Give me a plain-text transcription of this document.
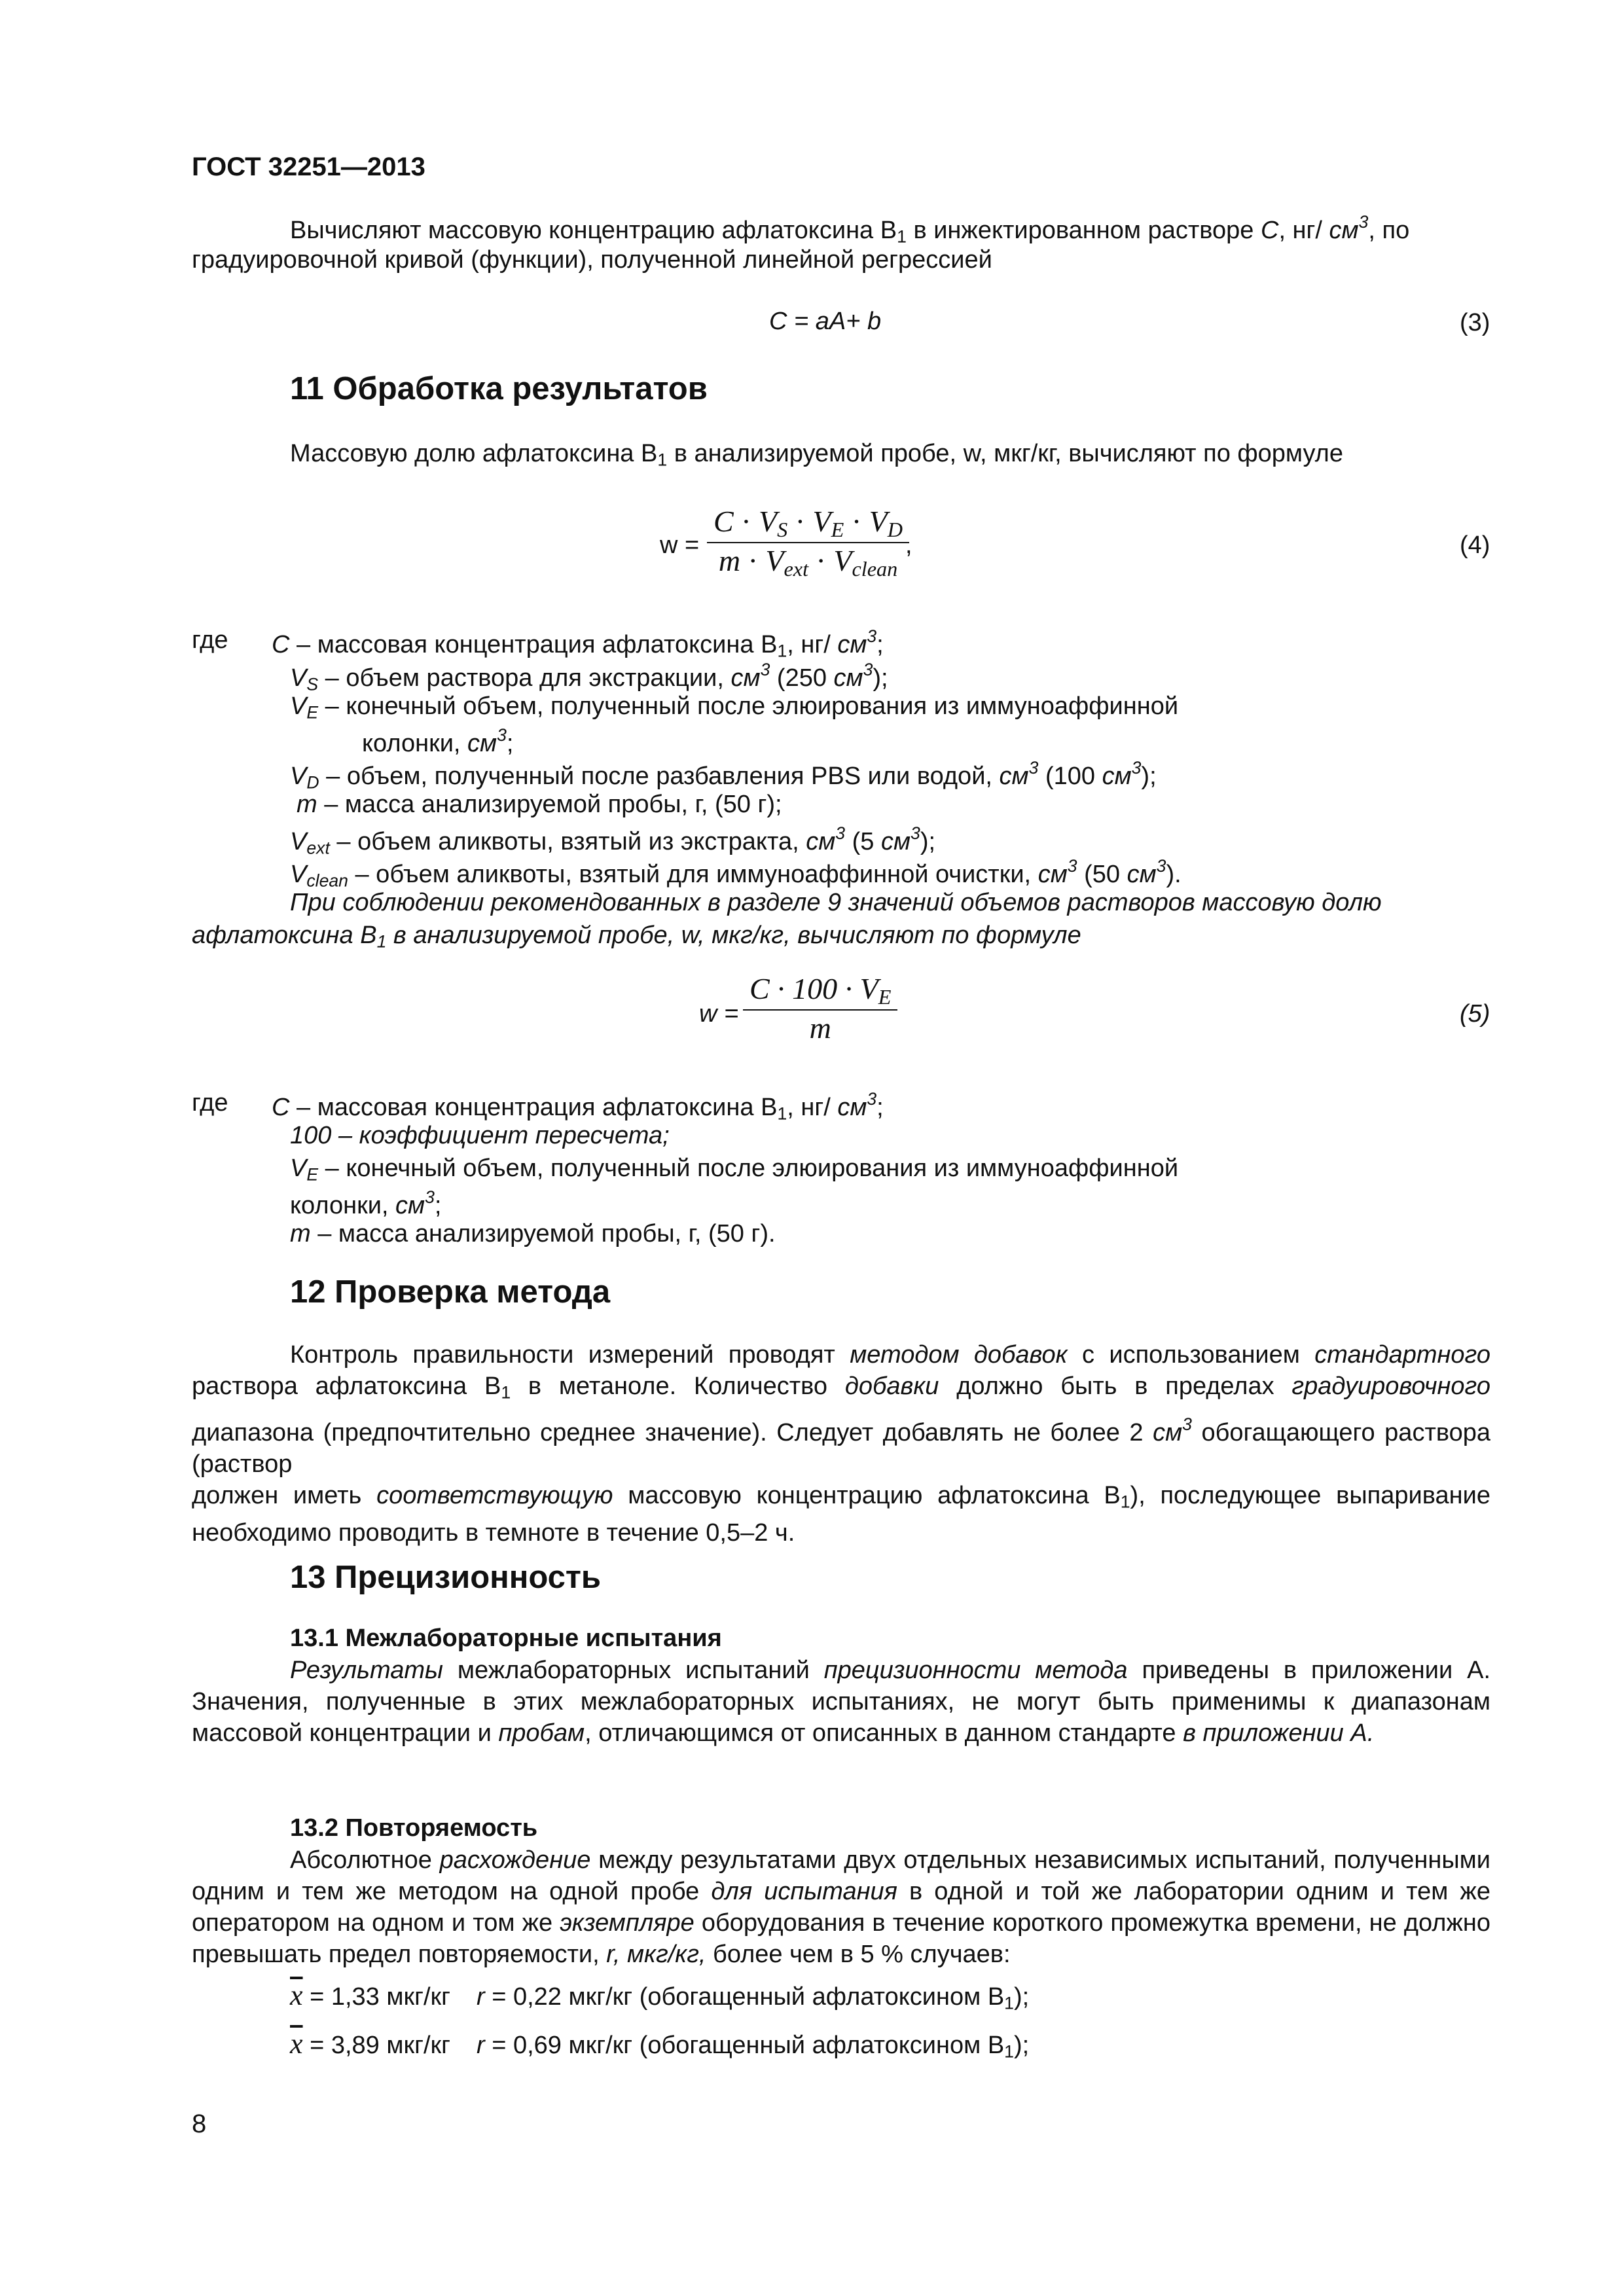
ГОСТ 32251—2013
Вычисляют массовую концентрацию афлатоксина $B_1$ в инжектированном растворе C, нг/ $см^3$, по
градуировочной кривой (функции), полученной линейной регрессией
C = aA+ b	(3)
11 Обработка результатов
Массовую долю афлатоксина $B_1$ в анализируемой пробе, w, мкг/кг, вычисляют по формуле
w =
$C \cdot V_S \cdot V_E \cdot V_D$
$m \cdot V_{ext} \cdot V_{clean}$
,	(4)
где C – массовая концентрация афлатоксина $B_1$, нг/ $см^3$;
$V_S$ – объем раствора для экстракции, $см^3$ (250 $см^3$);
$V_E$ – конечный объем, полученный после элюирования из иммуноаффинной
колонки, $см^3$;
$V_D$ – объем, полученный после разбавления PBS или водой, $см^3$ (100 $см^3$);
m – масса анализируемой пробы, г, (50 г);
$V_{ext}$ – объем аликвоты, взятый из экстракта, $см^3$ (5 $см^3$);
$V_{clean}$ – объем аликвоты, взятый для иммуноаффинной очистки, $см^3$ (50 $см^3$).
При соблюдении рекомендованных в разделе 9 значений объемов растворов массовую долю
афлатоксина $B_1$ в анализируемой пробе, w, мкг/кг, вычисляют по формуле
$w = \frac{C \cdot 100 \cdot V_E}{m}$	(5)
где C – массовая концентрация афлатоксина $B_1$, нг/ $см^3$;
100 – коэффициент пересчета;
$V_E$ – конечный объем, полученный после элюирования из иммуноаффинной
колонки, $см^3$;
m – масса анализируемой пробы, г, (50 г).
12 Проверка метода
Контроль правильности измерений проводят методом добавок с использованием стандартного раствора афлатоксина $B_1$ в метаноле. Количество добавки должно быть в пределах градуировочного диапазона (предпочтительно среднее значение). Следует добавлять не более 2 $см^3$ обогащающего раствора (раствор
должен иметь соответствующую массовую концентрацию афлатоксина $B_1$), последующее выпаривание необходимо проводить в темноте в течение 0,5–2 ч.
13 Прецизионность
13.1 Межлабораторные испытания
Результаты межлабораторных испытаний прецизионности метода приведены в приложении А. Значения, полученные в этих межлабораторных испытаниях, не могут быть применимы к диапазонам массовой концентрации и пробам, отличающимся от описанных в данном стандарте в приложении А.
13.2 Повторяемость
Абсолютное расхождение между результатами двух отдельных независимых испытаний, полученными одним и тем же методом на одной пробе для испытания в одной и той же лаборатории одним и тем же оператором на одном и том же экземпляре оборудования в течение короткого промежутка времени, не должно превышать предел повторяемости, r, мкг/кг, более чем в 5 % случаев:
$\overline{x} = 1,33$ мкг/кг r = 0,22 мкг/кг (обогащенный афлатоксином $B_1$);
$\overline{x} = 3,89$ мкг/кг r = 0,69 мкг/кг (обогащенный афлатоксином $B_1$);
8
